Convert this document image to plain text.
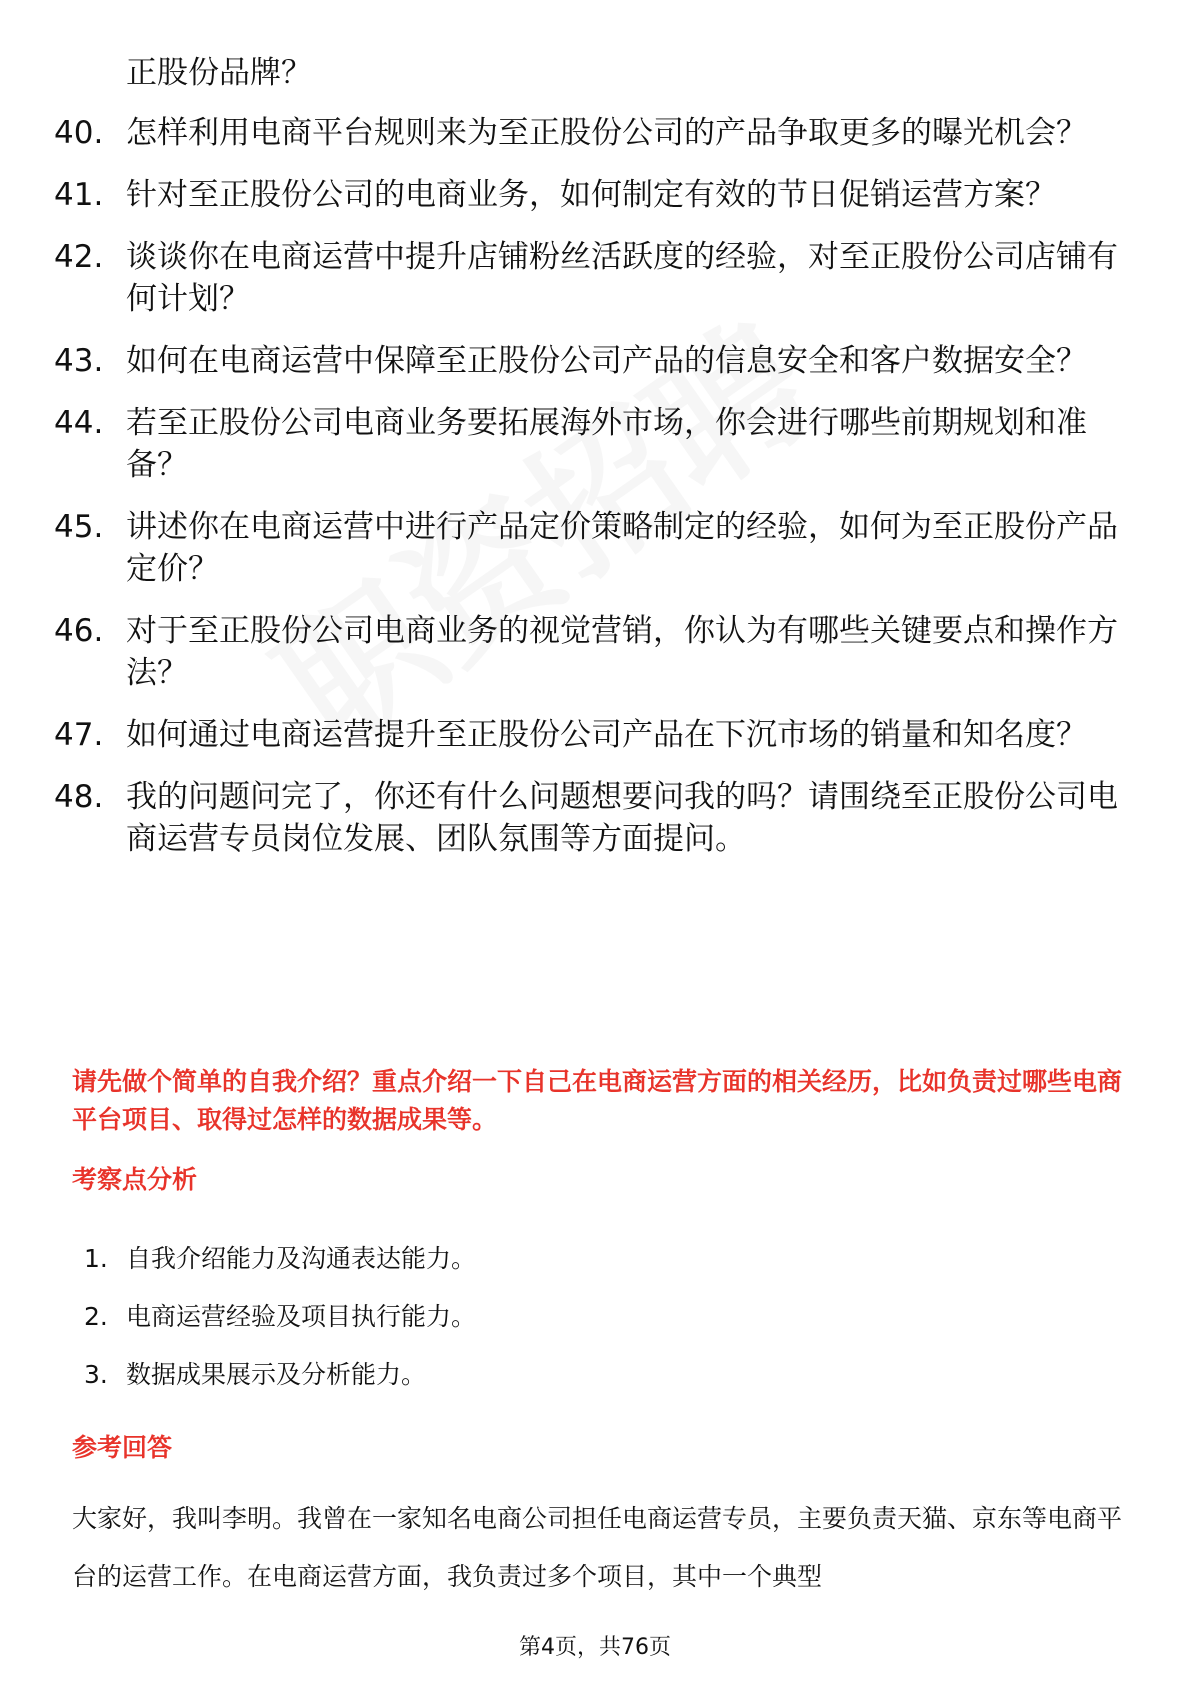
正股份品牌？
40. 怎样利用电商平台规则来为至正股份公司的产品争取更多的曝光机会？
41. 针对至正股份公司的电商业务，如何制定有效的节日促销运营方案？
42. 谈谈你在电商运营中提升店铺粉丝活跃度的经验，对至正股份公司店铺有何计划？
43. 如何在电商运营中保障至正股份公司产品的信息安全和客户数据安全？
44. 若至正股份公司电商业务要拓展海外市场，你会进行哪些前期规划和准备？
45. 讲述你在电商运营中进行产品定价策略制定的经验，如何为至正股份产品定价？
46. 对于至正股份公司电商业务的视觉营销，你认为有哪些关键要点和操作方法？
47. 如何通过电商运营提升至正股份公司产品在下沉市场的销量和知名度？
48. 我的问题问完了，你还有什么问题想要问我的吗？请围绕至正股份公司电商运营专员岗位发展、团队氛围等方面提问。
请先做个简单的自我介绍？重点介绍一下自己在电商运营方面的相关经历，比如负责过哪些电商平台项目、取得过怎样的数据成果等。
考察点分析
1. 自我介绍能力及沟通表达能力。
2. 电商运营经验及项目执行能力。
3. 数据成果展示及分析能力。
参考回答
大家好，我叫李明。我曾在一家知名电商公司担任电商运营专员，主要负责天猫、京东等电商平台的运营工作。在电商运营方面，我负责过多个项目，其中一个典型
第4页，共76页
